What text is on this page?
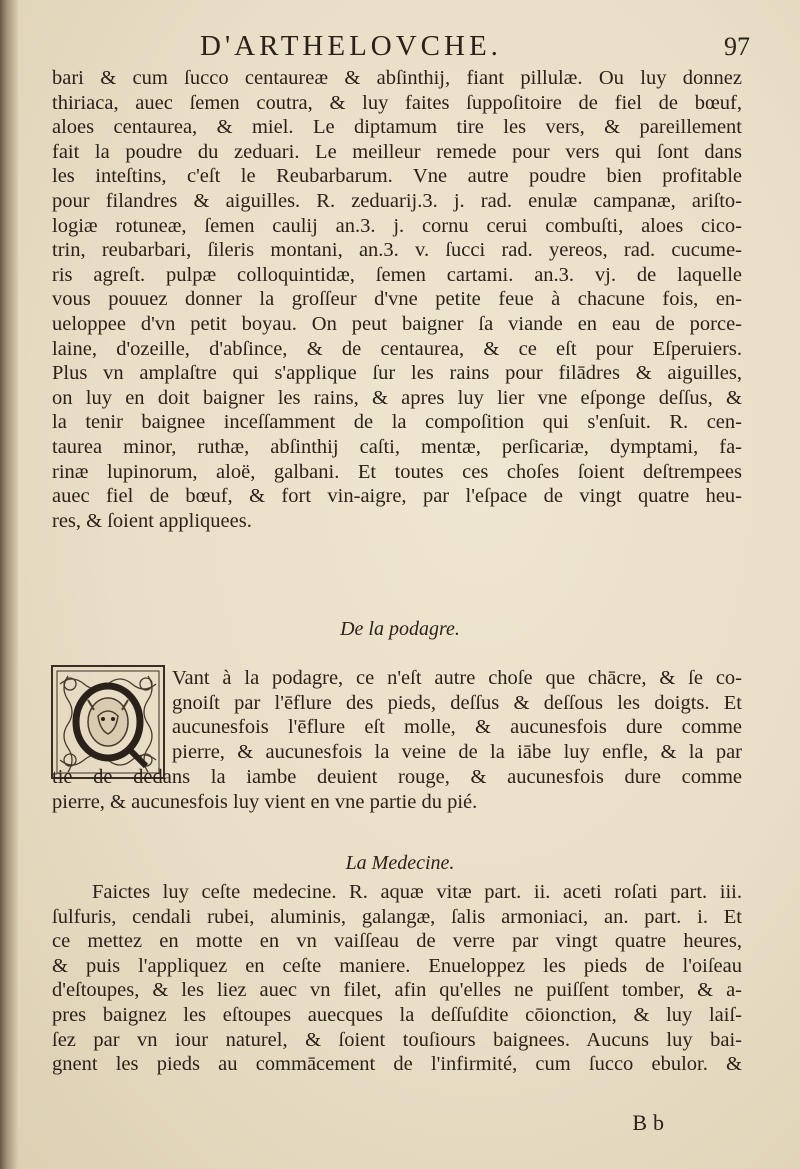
D'ARTHELOVCHE.	97
bari & cum ſucco centaureæ & abſinthij, fiant pillulæ. Ou luy donnez
thiriaca, auec ſemen coutra, & luy faites ſuppoſitoire de fiel de bœuf,
aloes centaurea, & miel. Le diptamum tire les vers, & pareillement
fait la poudre du zeduari. Le meilleur remede pour vers qui ſont dans
les inteſtins, c'eſt le Reubarbarum. Vne autre poudre bien profitable
pour filandres & aiguilles. R. zeduarij.3. j. rad. enulæ campanæ, ariſto-
logiæ rotuneæ, ſemen caulij an.3. j. cornu cerui combuſti, aloes cico-
trin, reubarbari, ſileris montani, an.3. v. ſucci rad. yereos, rad. cucume-
ris agreſt. pulpæ colloquintidæ, ſemen cartami. an.3. vj. de laquelle
vous pouuez donner la groſſeur d'vne petite feue à chacune fois, en-
ueloppee d'vn petit boyau. On peut baigner ſa viande en eau de porce-
laine, d'ozeille, d'abſince, & de centaurea, & ce eſt pour Eſperuiers.
Plus vn amplaſtre qui s'applique ſur les rains pour filādres & aiguilles,
on luy en doit baigner les rains, & apres luy lier vne eſponge deſſus, &
la tenir baignee inceſſamment de la compoſition qui s'enſuit. R. cen-
taurea minor, ruthæ, abſinthij caſti, mentæ, perſicariæ, dymptami, fa-
rinæ lupinorum, aloë, galbani. Et toutes ces choſes ſoient deſtrempees
auec fiel de bœuf, & fort vin-aigre, par l'eſpace de vingt quatre heu-
res, & ſoient appliquees.
De la podagre.
Vant à la podagre, ce n'eſt autre choſe que chācre, & ſe co-
gnoiſt par l'ēflure des pieds, deſſus & deſſous les doigts. Et
aucunesfois l'ēflure eſt molle, & aucunesfois dure comme
pierre, & aucunesfois la veine de la iābe luy enfle, & la par
tie de dedans la iambe deuient rouge, & aucunesfois dure comme
pierre, & aucunesfois luy vient en vne partie du pié.
La Medecine.
Faictes luy ceſte medecine. R. aquæ vitæ part. ii. aceti roſati part. iii.
ſulfuris, cendali rubei, aluminis, galangæ, ſalis armoniaci, an. part. i. Et
ce mettez en motte en vn vaiſſeau de verre par vingt quatre heures,
& puis l'appliquez en ceſte maniere. Enueloppez les pieds de l'oiſeau
d'eſtoupes, & les liez auec vn filet, afin qu'elles ne puiſſent tomber, & a-
pres baignez les eſtoupes auecques la deſſuſdite cōionction, & luy laiſ-
ſez par vn iour naturel, & ſoient touſiours baignees. Aucuns luy bai-
gnent les pieds au commācement de l'infirmité, cum ſucco ebulor. &
Bb
